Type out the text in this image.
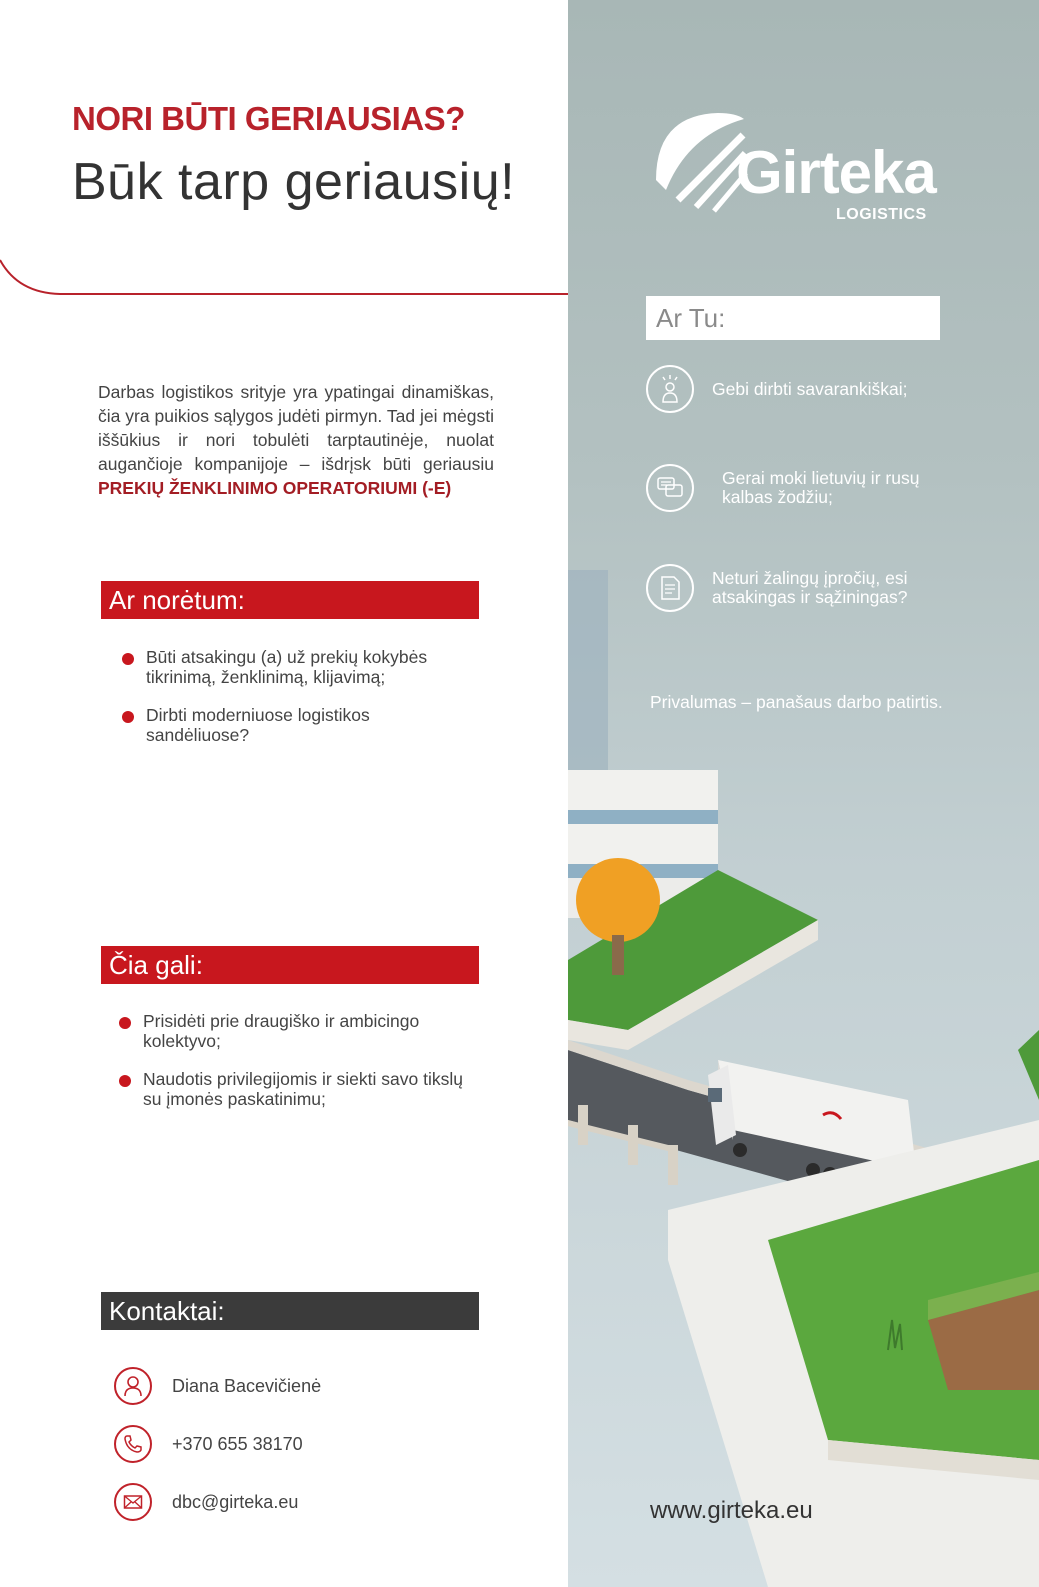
NORI BŪTI GERIAUSIAS?
Būk tarp geriausių!

Darbas logistikos srityje yra ypatingai dinamiškas, čia yra puikios sąlygos judėti pirmyn. Tad jei mėgsti iššūkius ir nori tobulėti tarptautinėje, nuolat augančioje kompanijoje – išdrįsk būti geriausiu PREKIŲ ŽENKLINIMO OPERATORIUMI (-E)

Ar norėtum:
Būti atsakingu (a) už prekių kokybės tikrinimą, ženklinimą, klijavimą;
Dirbti moderniuose logistikos sandėliuose?
Čia gali:
Prisidėti prie draugiško ir ambicingo kolektyvo;
Naudotis privilegijomis ir siekti savo tikslų su įmonės paskatinimu;
Kontaktai:
Diana Bacevičienė
+370 655 38170
dbc@girteka.eu
Girteka
LOGISTICS
Ar Tu:
Gebi dirbti savarankiškai;
Gerai moki lietuvių ir rusų kalbas žodžiu;
Neturi žalingų įpročių, esi atsakingas ir sąžiningas?
Privalumas – panašaus darbo patirtis.
www.girteka.eu
